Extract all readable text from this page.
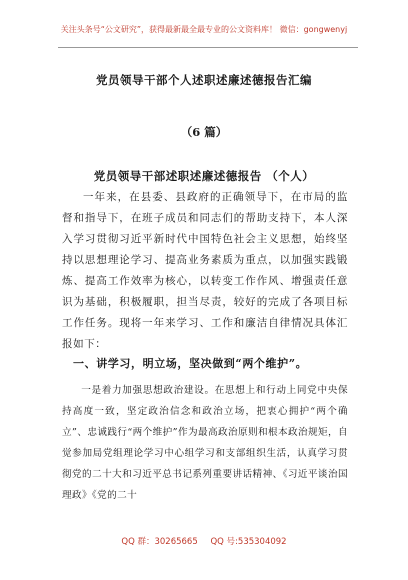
关注头条号“公文研究”，获得最新最全最专业的公文资料库！ 微信：gongwenyj
党员领导干部个人述职述廉述德报告汇编
（6 篇）
党员领导干部述职述廉述德报告 （个人）

一年来，在县委、县政府的正确领导下，在市局的监督和指导下，在班子成员和同志们的帮助支持下，本人深入学习贯彻习近平新时代中国特色社会主义思想，始终坚持以思想理论学习、提高业务素质为重点，以加强实践锻炼、提高工作效率为核心，以转变工作作风、增强责任意识为基础，积极履职，担当尽责，较好的完成了各项目标工作任务。现将一年来学习、工作和廉洁自律情况具体汇报如下：

一、讲学习，明立场，坚决做到“两个维护”。

一是着力加强思想政治建设。在思想上和行动上同党中央保持高度一致，坚定政治信念和政治立场，把衷心拥护“两个确立”、忠诚践行“两个维护”作为最高政治原则和根本政治规矩，自觉参加局党组理论学习中心组学习和支部组织生活，认真学习贯彻党的二十大和习近平总书记系列重要讲话精神、《习近平谈治国理政》《党的二十

QQ 群：30265665 QQ 号:535304092
